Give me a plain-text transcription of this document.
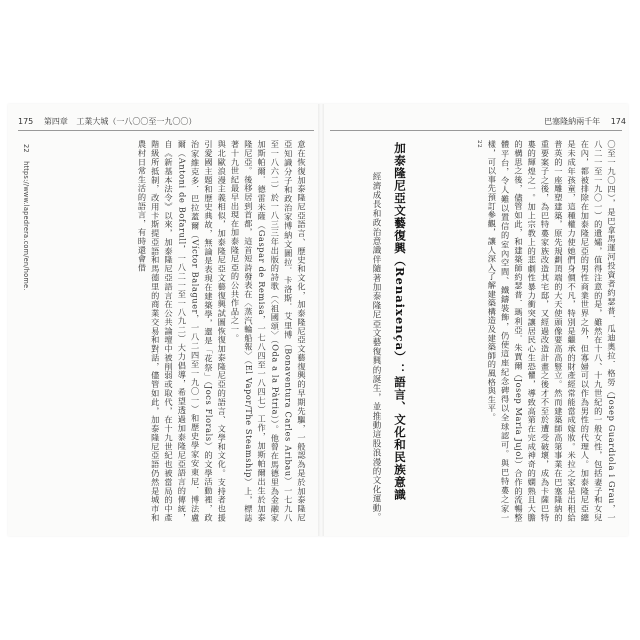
175 第四章 工業大城（一八〇〇至一九〇〇）	巴塞隆納兩千年 174
〇至一九〇四），是巴拿馬運河投資者約瑟普．瓜迪奧拉．格勞（Josep Guardiola i Grau，一八二一至一九〇一）的遺孀，值得注意的是，雖然在十八、十九世紀的一般女性，包括妻子和女兒在內，都被排除在加泰隆尼亞的男性商業世界之外，但寡婦可以作為男性的代理人。加泰隆尼亞總是未成年孩童，這種權力使她們身價不凡，特別是繼承的財產經常能當成嫁妝。米拉之家是出租給普英的一座雕塑建築，原先規劃頂端的大天使頭像要高高豎立。然而建築師高第事業在巴塞隆納的重要案子之後，為巴特婁家族改造其宅邸，又經過改造計畫之後才不至於遭受破壞，成為卡薩巴特婁的輝煌之一。加上宗教上的悲劇性暴力衝突讓居民心生恐懼，導致高第在完成神奇的嫻熟且大膽的構思之後，儘管如此，和建築師約瑟普．瑪利亞．朱賈爾（Josep Maria Jujol）合作的流暢整體平台，令人難以置信的室內空間、鐵鑄裝飾，仍使這座紀念碑得以全球認可。與巴特婁之家一樣，可以事先預訂參觀，讓人深入了解建築構造及建築師的風格與生平。
22
加泰隆尼亞文藝復興（Renaixença）：語言、文化和民族意識
經濟成長和政治意識伴隨著加泰隆尼亞文藝復興的誕生，並推動這股浪漫的文化運動。
意在恢復加泰隆尼亞語言、歷史和文化，加泰隆尼亞文藝復興的早期先驅，一般認為是於加泰隆尼亞知識分子和政治家博納文圖拉．卡洛斯．艾里博（Bonaventura Carles Aribau）一七九八至一八六二）於一八三三年出版的詩歌（〈祖國頌〉（Oda a la Pàtria））。他曾在馬德里為金融家加斯帕爾．德雷米薩（Gaspar de Remisa，一七八四至一八四七）工作，加斯帕爾出生於加泰隆尼亞。後移居到首都，這首短詩發表在〈蒸汽輪船報〉（El Vapor/The Steamship）上，標誌著十九世紀最早出現在加泰隆尼亞的公共作品之一。
與北歐浪漫主義相似，加泰隆尼亞文藝復興試圖恢復加泰隆尼亞的語言、文學和文化。支持者也援引愛國主題和歷史典故，無論是表現在建築學，還是「花祭」（Jocs Florals）的文學活動裡，政治家維克多．巴拉蓋爾（Víctor Balaguer，一八二四至一九〇一）和歷史學家安東尼．博法盧爾（Antoni de Bofarull，一八二一至一八九二）大力倡導，希望透過加泰隆尼亞語言的傳統，自《新基本法令》以來，加泰隆尼亞語言在公共論壇中被削弱或取代，在十九世紀也被當局的中產階級所抵制，改用卡斯提亞語和馬德里的商業交易和對話，儘管如此，加泰隆尼亞語仍然是城市和農村日常生活的語言，有時還會借
22 https://www.lapedrera.com/en/home.
